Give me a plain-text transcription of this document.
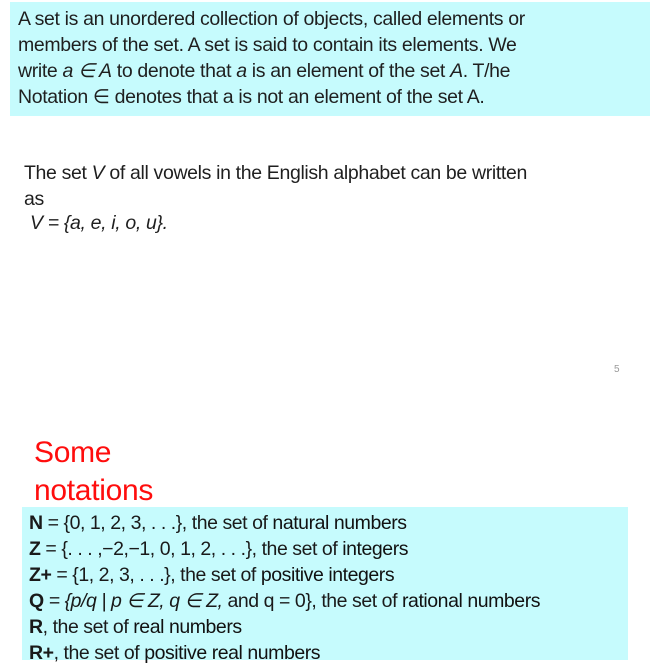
A set is an unordered collection of objects, called elements or
members of the set. A set is said to contain its elements. We
write a ∈ A to denote that a is an element of the set A. T/he
Notation ∈ denotes that a is not an element of the set A.
The set V of all vowels in the English alphabet can be written
as
V = {a, e, i, o, u}.
5
Some
notations
N = {0, 1, 2, 3, . . .}, the set of natural numbers
Z = {. . . ,−2,−1, 0, 1, 2, . . .}, the set of integers
Z+ = {1, 2, 3, . . .}, the set of positive integers
Q = {p/q | p ∈ Z, q ∈ Z, and q = 0}, the set of rational numbers
R, the set of real numbers
R+, the set of positive real numbers
